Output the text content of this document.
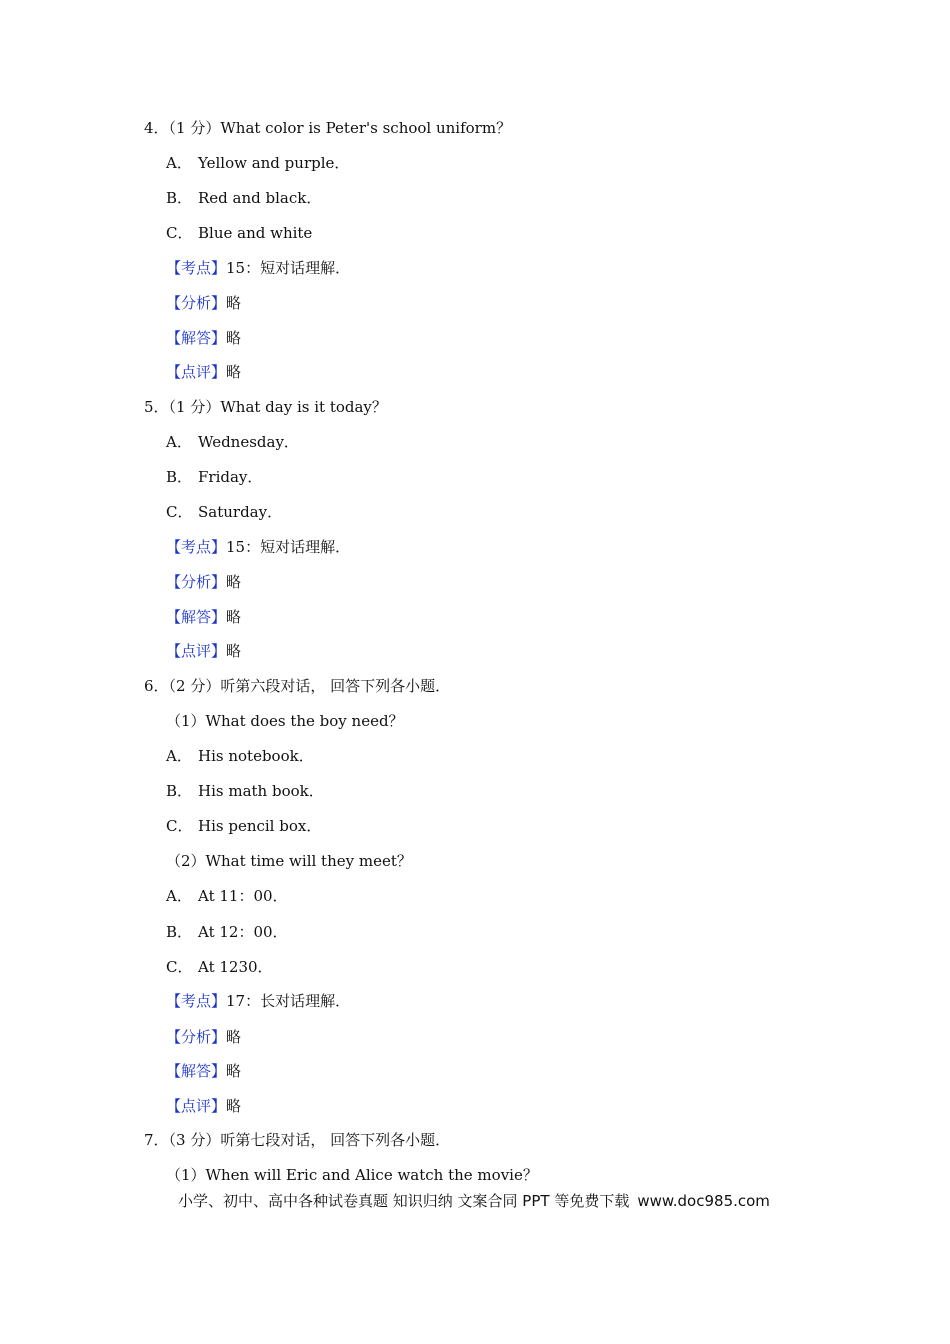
4．（1 分）What color is Peter's school uniform？
A． Yellow and purple．
B． Red and black．
C． Blue and white
【考点】15：短对话理解．
【分析】略
【解答】略
【点评】略
5．（1 分）What day is it today？
A． Wednesday．
B． Friday．
C． Saturday．
【考点】15：短对话理解．
【分析】略
【解答】略
【点评】略
6．（2 分）听第六段对话， 回答下列各小题．
（1）What does the boy need？
A． His notebook．
B． His math book．
C． His pencil box．
（2）What time will they meet？
A． At 11：00．
B． At 12：00．
C． At 1230．
【考点】17：长对话理解．
【分析】略
【解答】略
【点评】略
7．（3 分）听第七段对话， 回答下列各小题．
（1）When will Eric and Alice watch the movie？
小学、初中、高中各种试卷真题 知识归纳 文案合同 PPT 等免费下载 www.doc985.com
